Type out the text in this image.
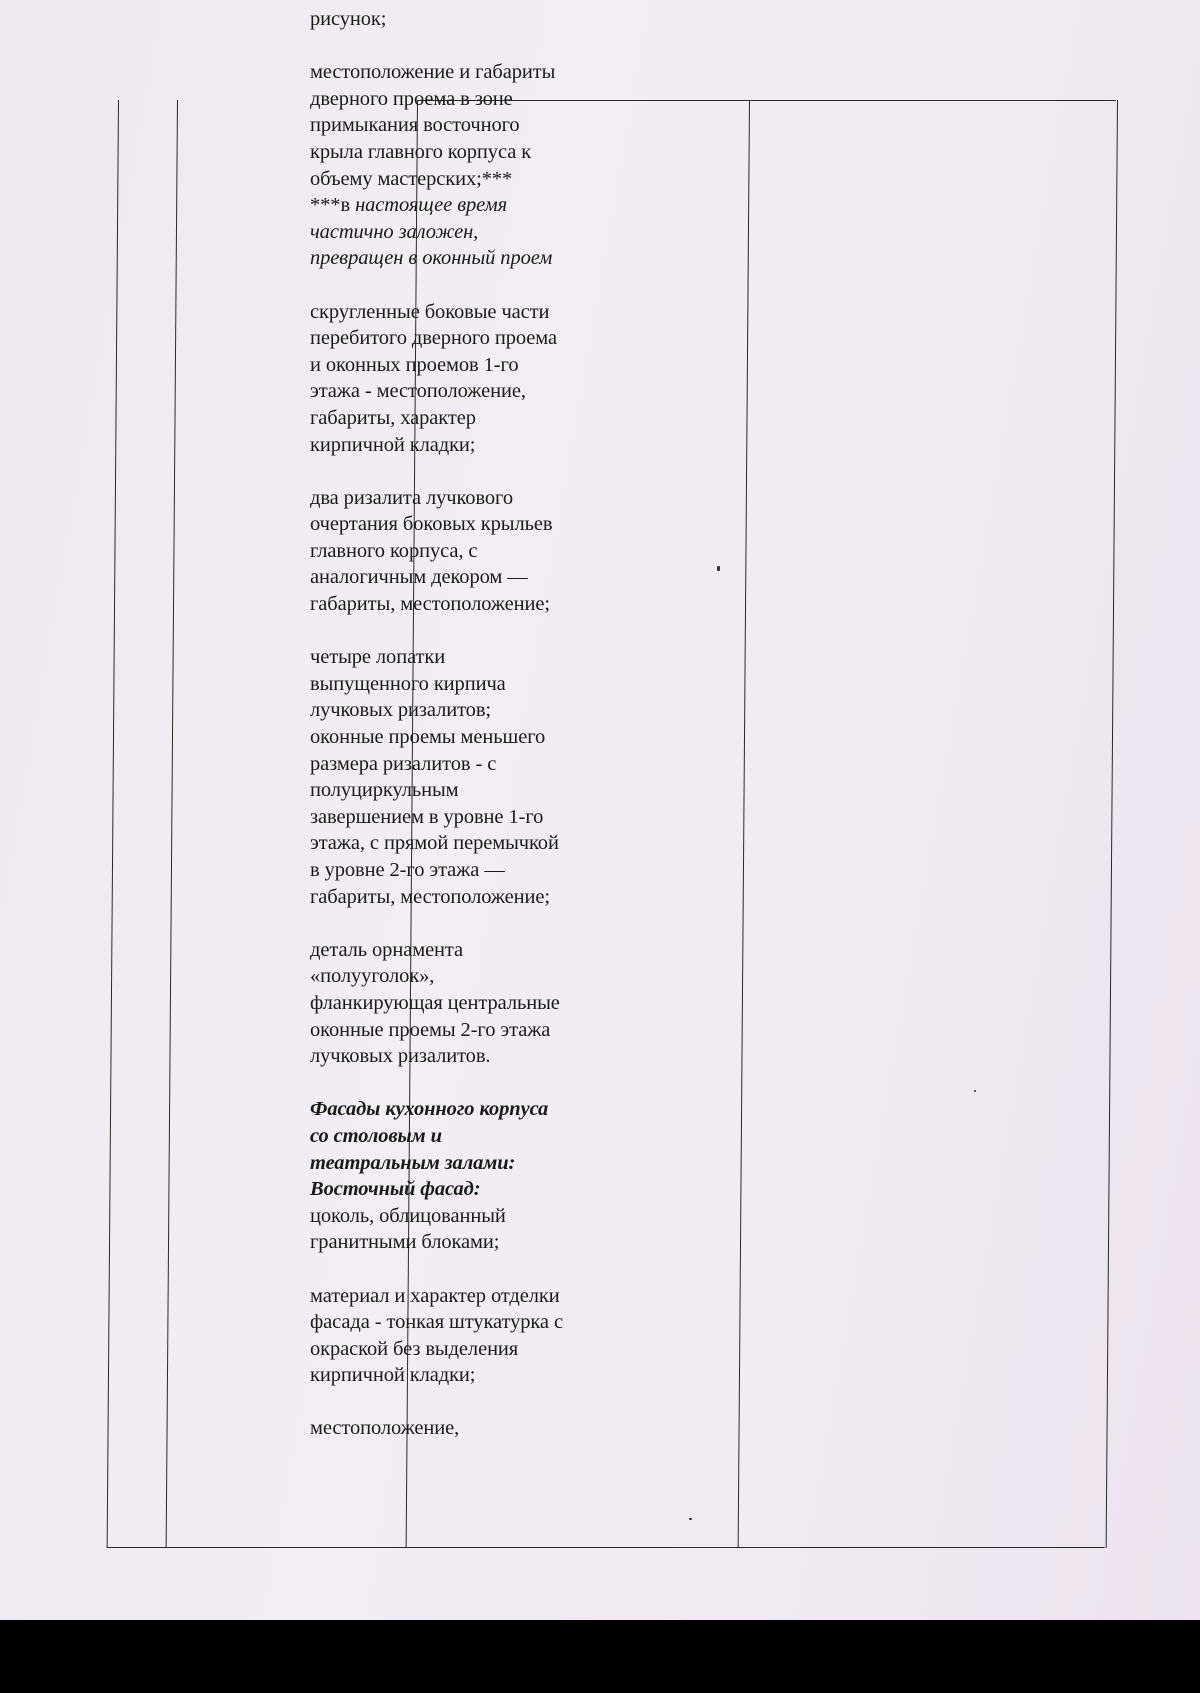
рисунок;

местоположение и габариты
дверного проема в зоне
примыкания восточного
крыла главного корпуса к
объему мастерских;***

***в настоящее время
частично заложен,
превращен в оконный проем

скругленные боковые части
перебитого дверного проема
и оконных проемов 1-го
этажа - местоположение,
габариты, характер
кирпичной кладки;

два ризалита лучкового
очертания боковых крыльев
главного корпуса, с
аналогичным декором —
габариты, местоположение;

четыре лопатки
выпущенного кирпича
лучковых ризалитов;
оконные проемы меньшего
размера ризалитов - с
полуциркульным
завершением в уровне 1-го
этажа, с прямой перемычкой
в уровне 2-го этажа —
габариты, местоположение;

деталь орнамента
«полууголок»,
фланкирующая центральные
оконные проемы 2-го этажа
лучковых ризалитов.

Фасады кухонного корпуса
со столовым и
театральным залами:
Восточный фасад:

цоколь, облицованный
гранитными блоками;

материал и характер отделки
фасада - тонкая штукатурка с
окраской без выделения
кирпичной кладки;

местоположение,
